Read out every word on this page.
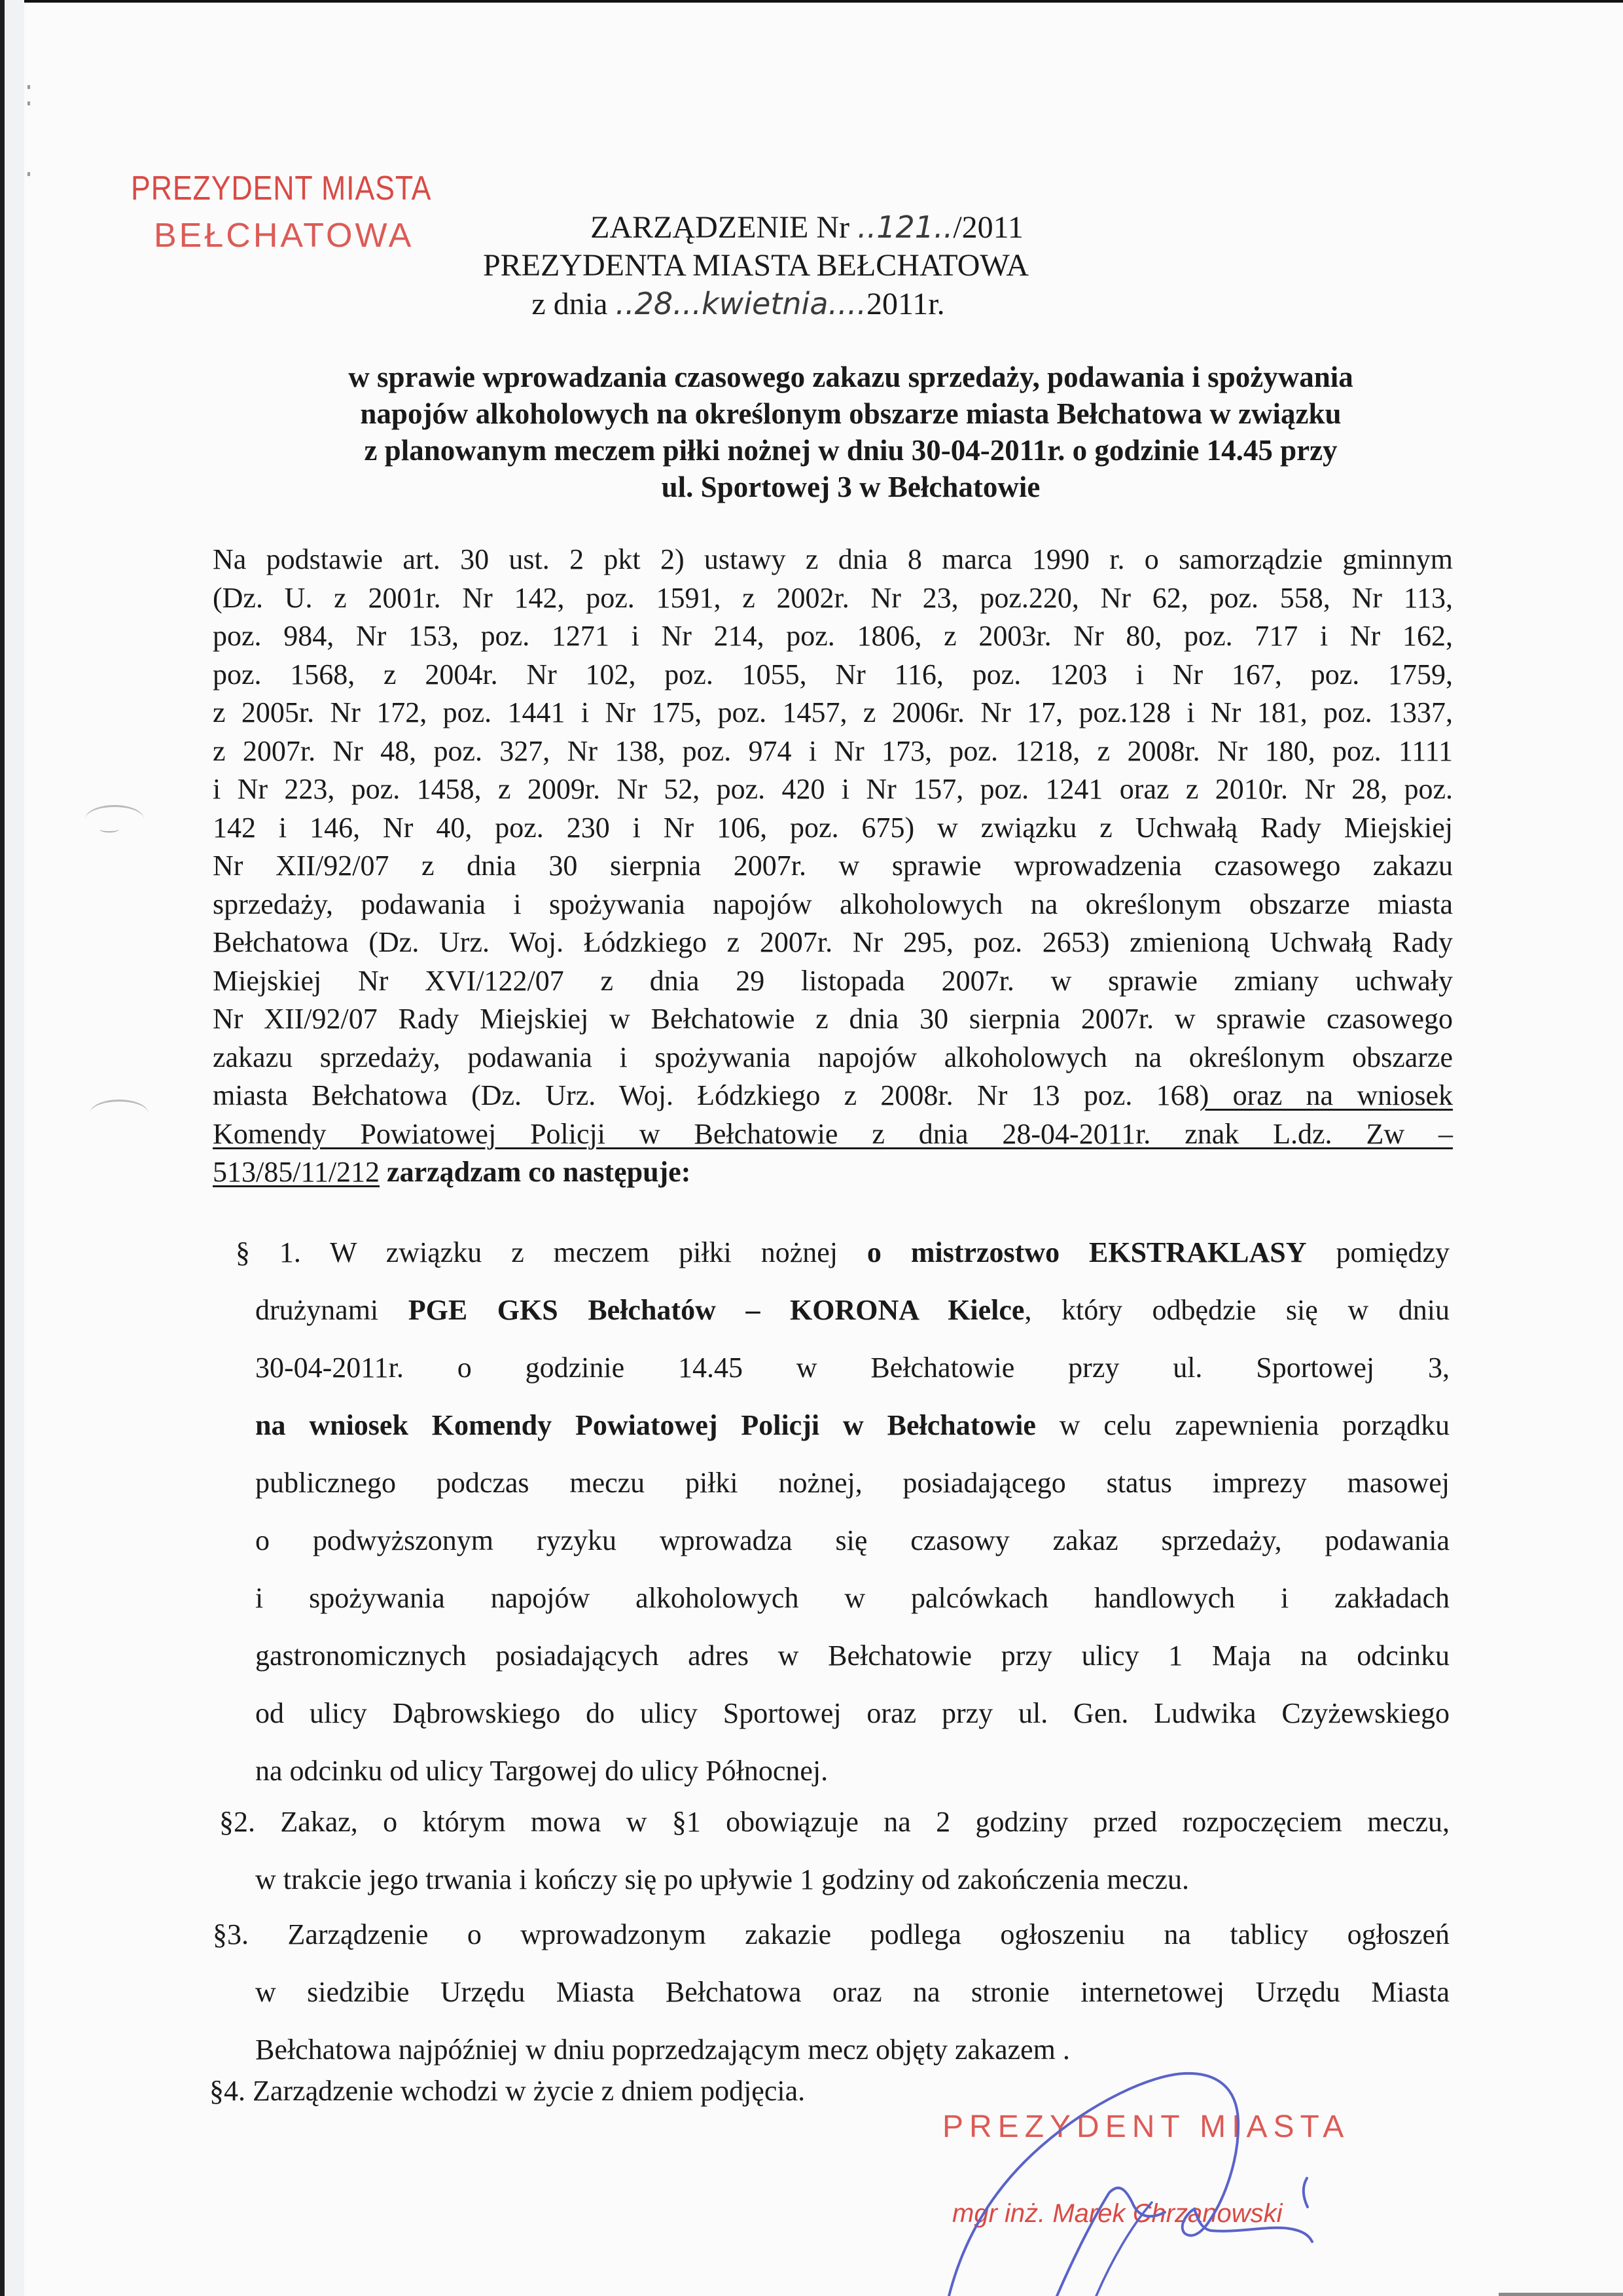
PREZYDENT MIASTA
BEŁCHATOWA	ZARZĄDZENIE Nr ..121../2011
PREZYDENTA MIASTA BEŁCHATOWA
z dnia ..28...kwietnia....2011r.
w sprawie wprowadzania czasowego zakazu sprzedaży, podawania i spożywania
napojów alkoholowych na określonym obszarze miasta Bełchatowa w związku
z planowanym meczem piłki nożnej w dniu 30-04-2011r. o godzinie 14.45 przy
ul. Sportowej 3 w Bełchatowie
Na podstawie art. 30 ust. 2 pkt 2) ustawy z dnia 8 marca 1990 r. o samorządzie gminnym
(Dz. U. z 2001r. Nr 142, poz. 1591, z 2002r. Nr 23, poz.220, Nr 62, poz. 558, Nr 113,
poz. 984, Nr 153, poz. 1271 i Nr 214, poz. 1806, z 2003r. Nr 80, poz. 717 i Nr 162,
poz. 1568, z 2004r. Nr 102, poz. 1055, Nr 116, poz. 1203 i Nr 167, poz. 1759,
z 2005r. Nr 172, poz. 1441 i Nr 175, poz. 1457, z 2006r. Nr 17, poz.128 i Nr 181, poz. 1337,
z 2007r. Nr 48, poz. 327, Nr 138, poz. 974 i Nr 173, poz. 1218, z 2008r. Nr 180, poz. 1111
i Nr 223, poz. 1458, z 2009r. Nr 52, poz. 420 i Nr 157, poz. 1241 oraz z 2010r. Nr 28, poz.
142 i 146, Nr 40, poz. 230 i Nr 106, poz. 675) w związku z Uchwałą Rady Miejskiej
Nr XII/92/07 z dnia 30 sierpnia 2007r. w sprawie wprowadzenia czasowego zakazu
sprzedaży, podawania i spożywania napojów alkoholowych na określonym obszarze miasta
Bełchatowa (Dz. Urz. Woj. Łódzkiego z 2007r. Nr 295, poz. 2653) zmienioną Uchwałą Rady
Miejskiej Nr XVI/122/07 z dnia 29 listopada 2007r. w sprawie zmiany uchwały
Nr XII/92/07 Rady Miejskiej w Bełchatowie z dnia 30 sierpnia 2007r. w sprawie czasowego
zakazu sprzedaży, podawania i spożywania napojów alkoholowych na określonym obszarze
miasta Bełchatowa (Dz. Urz. Woj. Łódzkiego z 2008r. Nr 13 poz. 168) oraz na wniosek
Komendy Powiatowej Policji w Bełchatowie z dnia 28-04-2011r. znak L.dz. Zw –
513/85/11/212 zarządzam co następuje:
§ 1. W związku z meczem piłki nożnej o mistrzostwo EKSTRAKLASY pomiędzy
drużynami PGE GKS Bełchatów – KORONA Kielce, który odbędzie się w dniu
30-04-2011r. o godzinie 14.45 w Bełchatowie przy ul. Sportowej 3,
na wniosek Komendy Powiatowej Policji w Bełchatowie w celu zapewnienia porządku
publicznego podczas meczu piłki nożnej, posiadającego status imprezy masowej
o podwyższonym ryzyku wprowadza się czasowy zakaz sprzedaży, podawania
i spożywania napojów alkoholowych w palcówkach handlowych i zakładach
gastronomicznych posiadających adres w Bełchatowie przy ulicy 1 Maja na odcinku
od ulicy Dąbrowskiego do ulicy Sportowej oraz przy ul. Gen. Ludwika Czyżewskiego
na odcinku od ulicy Targowej do ulicy Północnej.
§2. Zakaz, o którym mowa w §1 obowiązuje na 2 godziny przed rozpoczęciem meczu,
w trakcie jego trwania i kończy się po upływie 1 godziny od zakończenia meczu.
§3. Zarządzenie o wprowadzonym zakazie podlega ogłoszeniu na tablicy ogłoszeń
w siedzibie Urzędu Miasta Bełchatowa oraz na stronie internetowej Urzędu Miasta
Bełchatowa najpóźniej w dniu poprzedzającym mecz objęty zakazem .
§4. Zarządzenie wchodzi w życie z dniem podjęcia.
PREZYDENT MIASTA
mgr inż. Marek Chrzanowski
